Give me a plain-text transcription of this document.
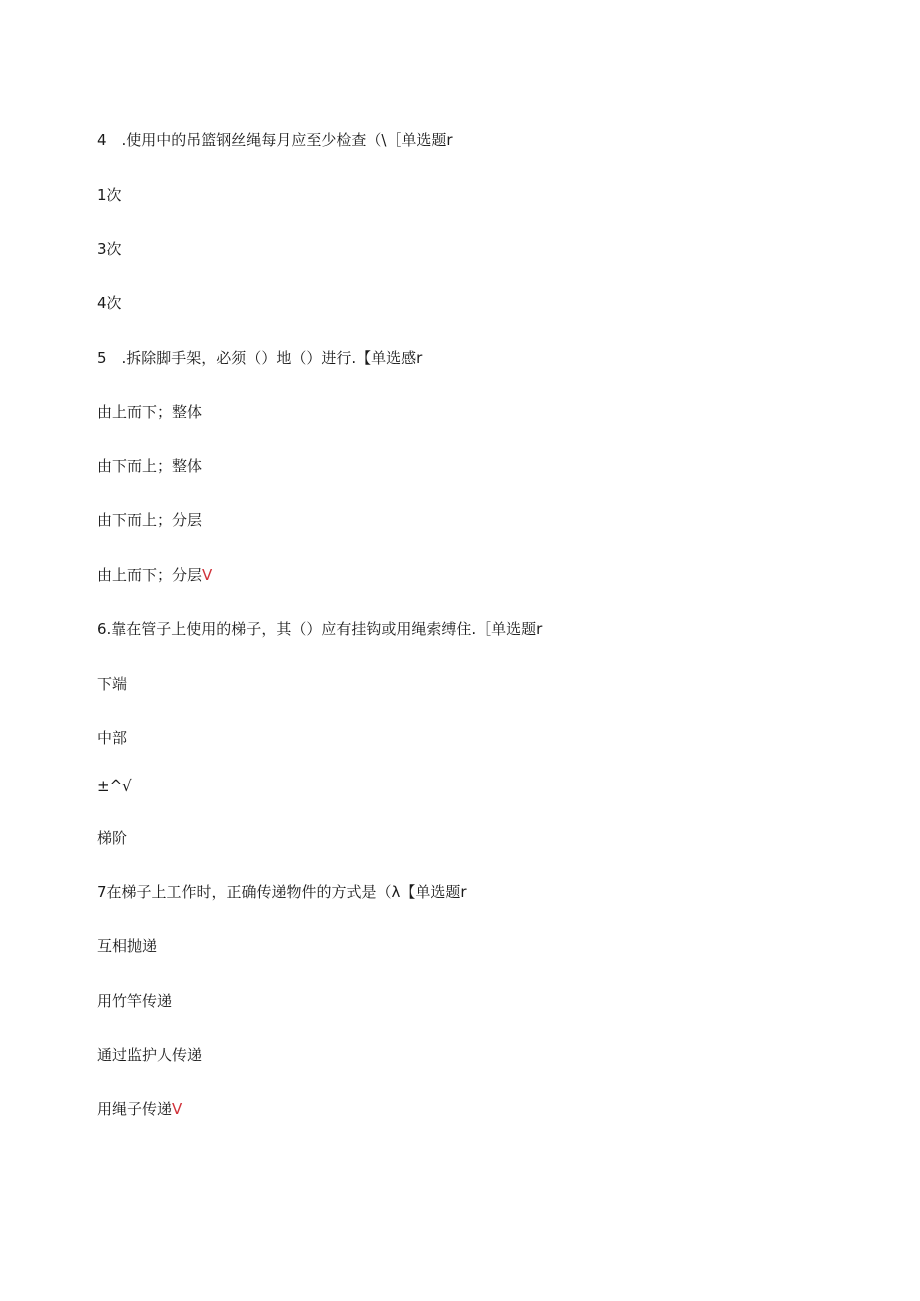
4　.使用中的吊篮钢丝绳每月应至少检查（\［单选题r
1次
3次
4次
5　.拆除脚手架，必须（）地（）进行.【单选感r
由上而下；整体
由下而上；整体
由下而上；分层
由上而下；分层V
6.靠在管子上使用的梯子，其（）应有挂钩或用绳索缚住.［单选题r
下端
中部
±^√
梯阶
7在梯子上工作时，正确传递物件的方式是（λ【单选题r
互相抛递
用竹竿传递
通过监护人传递
用绳子传递V
